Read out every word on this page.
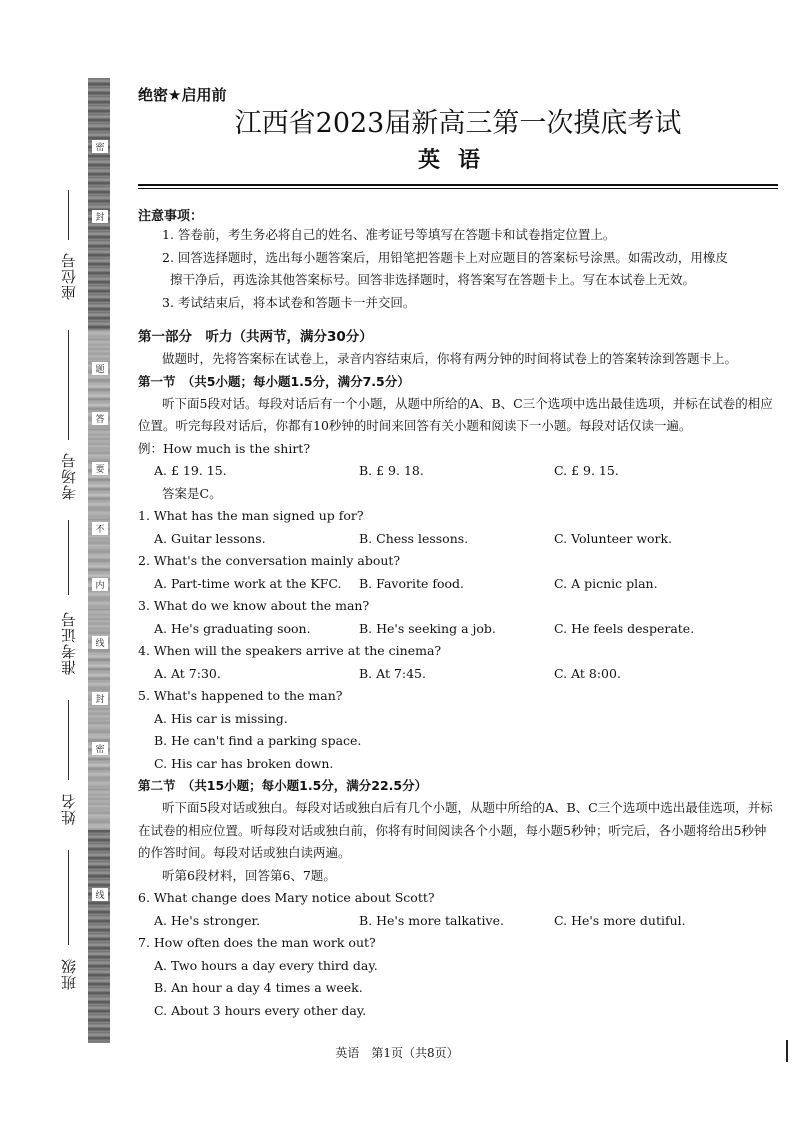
密
封
题
答
要
不
内
线
封
密
线
座位号
考场号
准考证号
姓名
班级
绝密★启用前
江西省2023届新高三第一次摸底考试
英语
注意事项：
1. 答卷前，考生务必将自己的姓名、准考证号等填写在答题卡和试卷指定位置上。
2. 回答选择题时，选出每小题答案后，用铅笔把答题卡上对应题目的答案标号涂黑。如需改动，用橡皮
擦干净后，再选涂其他答案标号。回答非选择题时，将答案写在答题卡上。写在本试卷上无效。
3. 考试结束后，将本试卷和答题卡一并交回。
第一部分　听力（共两节，满分30分）
做题时，先将答案标在试卷上，录音内容结束后，你将有两分钟的时间将试卷上的答案转涂到答题卡上。
第一节　（共5小题；每小题1.5分，满分7.5分）
听下面5段对话。每段对话后有一个小题，从题中所给的A、B、C三个选项中选出最佳选项，并标在试卷的相应位置。听完每段对话后，你都有10秒钟的时间来回答有关小题和阅读下一小题。每段对话仅读一遍。
例：How much is the shirt?
A. £ 19. 15.	B. £ 9. 18.	C. £ 9. 15.
答案是C。
1. What has the man signed up for?
A. Guitar lessons.	B. Chess lessons.	C. Volunteer work.
2. What's the conversation mainly about?
A. Part-time work at the KFC.	B. Favorite food.	C. A picnic plan.
3. What do we know about the man?
A. He's graduating soon.	B. He's seeking a job.	C. He feels desperate.
4. When will the speakers arrive at the cinema?
A. At 7:30.	B. At 7:45.	C. At 8:00.
5. What's happened to the man?
A. His car is missing.
B. He can't find a parking space.
C. His car has broken down.
第二节　（共15小题；每小题1.5分，满分22.5分）
听下面5段对话或独白。每段对话或独白后有几个小题，从题中所给的A、B、C三个选项中选出最佳选项，并标在试卷的相应位置。听每段对话或独白前，你将有时间阅读各个小题，每小题5秒钟；听完后，各小题将给出5秒钟的作答时间。每段对话或独白读两遍。
听第6段材料，回答第6、7题。
6. What change does Mary notice about Scott?
A. He's stronger.	B. He's more talkative.	C. He's more dutiful.
7. How often does the man work out?
A. Two hours a day every third day.
B. An hour a day 4 times a week.
C. About 3 hours every other day.
英语　第1页（共8页）
